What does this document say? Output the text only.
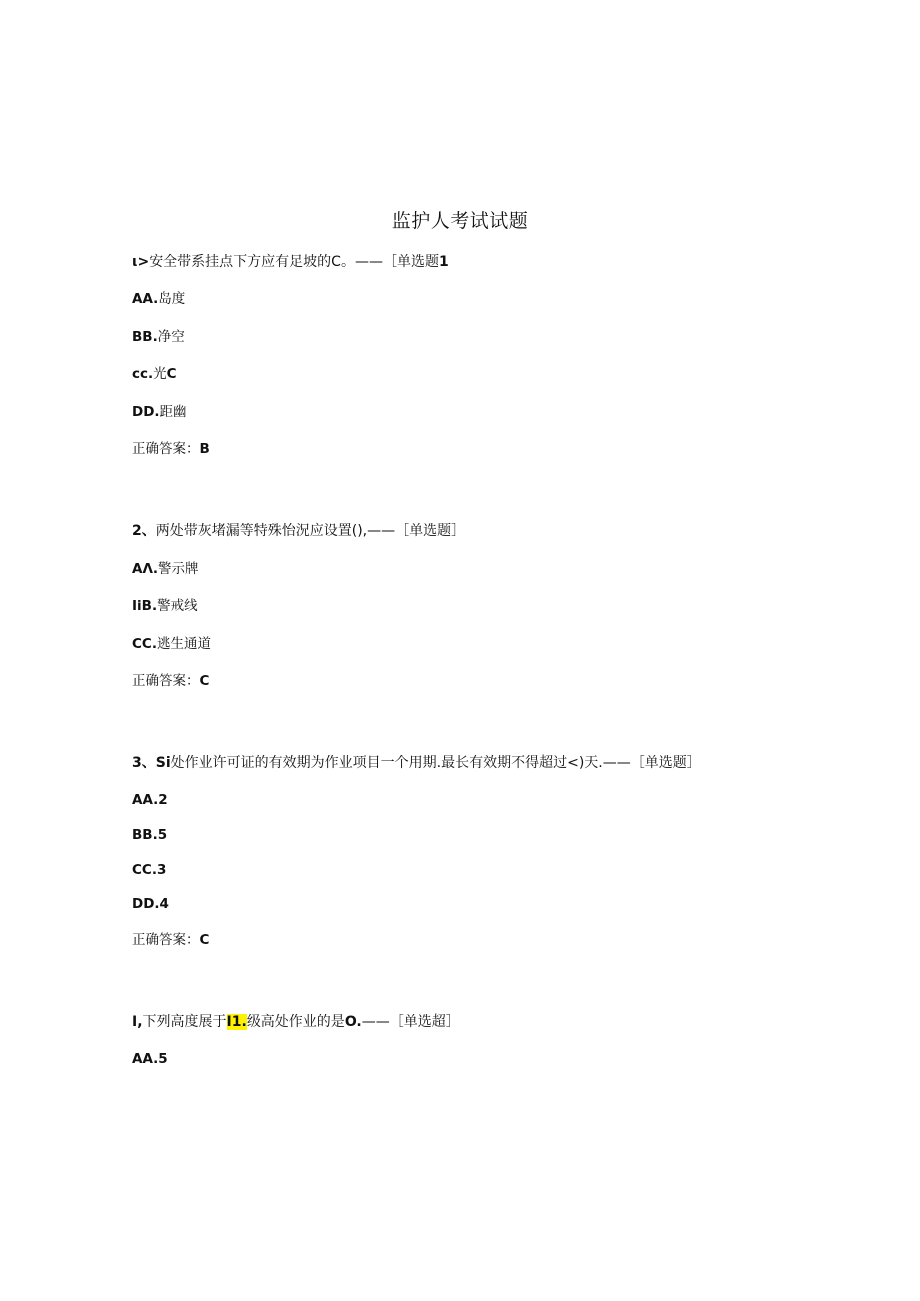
监护人考试试题
ι>安全带系挂点下方应有足坡的C。——［单选题1
AA.岛度
BB.净空
cc.光C
DD.距幽
正确答案：B
2、两处带灰堵漏等特殊怡況应设置(),——［单选题］
AΛ.警示牌
IiB.警戒线
CC.逃生通道
正确答案：C
3、Si处作业许可证的有效期为作业项目一个用期.最长有效期不得超过<)天.——［单选题］
AA.2
BB.5
CC.3
DD.4
正确答案：C
I,下列高度展于I1.级高处作业的是O.——［单选超］
AA.5
